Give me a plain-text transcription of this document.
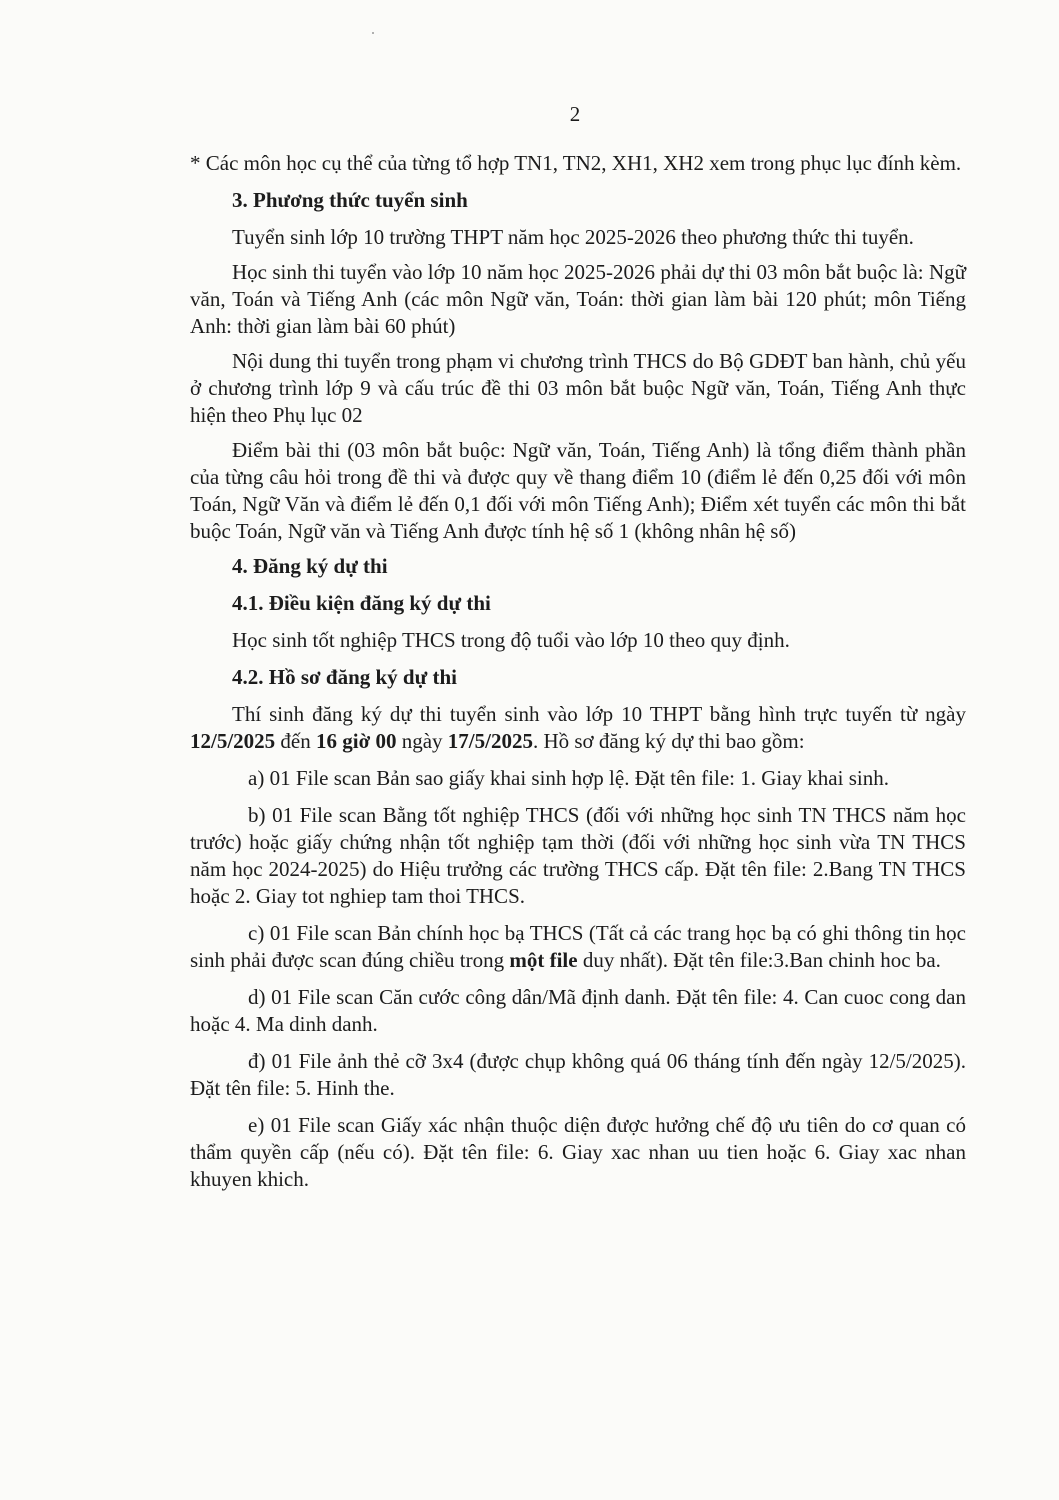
2

* Các môn học cụ thể của từng tổ hợp TN1, TN2, XH1, XH2 xem trong phục lục đính kèm.

3. Phương thức tuyển sinh

Tuyển sinh lớp 10 trường THPT năm học 2025-2026 theo phương thức thi tuyển.

Học sinh thi tuyển vào lớp 10 năm học 2025-2026 phải dự thi 03 môn bắt buộc là: Ngữ văn, Toán và Tiếng Anh (các môn Ngữ văn, Toán: thời gian làm bài 120 phút; môn Tiếng Anh: thời gian làm bài 60 phút)

Nội dung thi tuyển trong phạm vi chương trình THCS do Bộ GDĐT ban hành, chủ yếu ở chương trình lớp 9 và cấu trúc đề thi 03 môn bắt buộc Ngữ văn, Toán, Tiếng Anh thực hiện theo Phụ lục 02

Điểm bài thi (03 môn bắt buộc: Ngữ văn, Toán, Tiếng Anh) là tổng điểm thành phần của từng câu hỏi trong đề thi và được quy về thang điểm 10 (điểm lẻ đến 0,25 đối với môn Toán, Ngữ Văn và điểm lẻ đến 0,1 đối với môn Tiếng Anh); Điểm xét tuyển các môn thi bắt buộc Toán, Ngữ văn và Tiếng Anh được tính hệ số 1 (không nhân hệ số)

4. Đăng ký dự thi

4.1. Điều kiện đăng ký dự thi

Học sinh tốt nghiệp THCS trong độ tuổi vào lớp 10 theo quy định.

4.2. Hồ sơ đăng ký dự thi

Thí sinh đăng ký dự thi tuyển sinh vào lớp 10 THPT bằng hình trực tuyến từ ngày 12/5/2025 đến 16 giờ 00 ngày 17/5/2025. Hồ sơ đăng ký dự thi bao gồm:

a) 01 File scan Bản sao giấy khai sinh hợp lệ. Đặt tên file: 1. Giay khai sinh.

b) 01 File scan Bằng tốt nghiệp THCS (đối với những học sinh TN THCS năm học trước) hoặc giấy chứng nhận tốt nghiệp tạm thời (đối với những học sinh vừa TN THCS năm học 2024-2025) do Hiệu trưởng các trường THCS cấp. Đặt tên file: 2.Bang TN THCS hoặc 2. Giay tot nghiep tam thoi THCS.

c) 01 File scan Bản chính học bạ THCS (Tất cả các trang học bạ có ghi thông tin học sinh phải được scan đúng chiều trong một file duy nhất). Đặt tên file:3.Ban chinh hoc ba.

d) 01 File scan Căn cước công dân/Mã định danh. Đặt tên file: 4. Can cuoc cong dan hoặc 4. Ma dinh danh.

đ) 01 File ảnh thẻ cỡ 3x4 (được chụp không quá 06 tháng tính đến ngày 12/5/2025). Đặt tên file: 5. Hinh the.

e) 01 File scan Giấy xác nhận thuộc diện được hưởng chế độ ưu tiên do cơ quan có thẩm quyền cấp (nếu có). Đặt tên file: 6. Giay xac nhan uu tien hoặc 6. Giay xac nhan khuyen khich.
